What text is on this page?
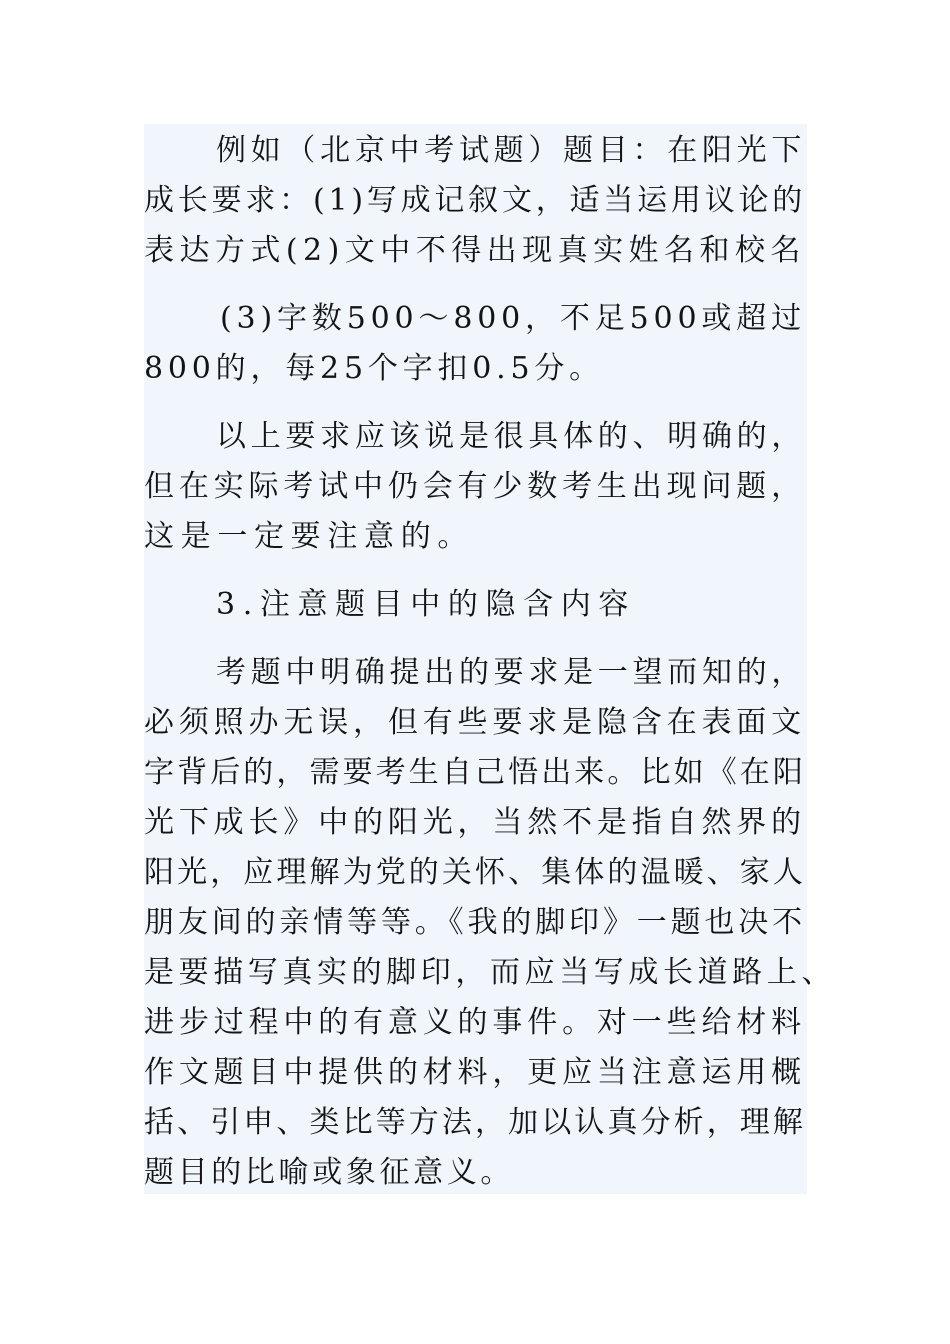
例如（北京中考试题）题目：在阳光下
成长要求：(1)写成记叙文，适当运用议论的
表达方式(2)文中不得出现真实姓名和校名
(3)字数500～800，不足500或超过
800的，每25个字扣0.5分。
以上要求应该说是很具体的、明确的，
但在实际考试中仍会有少数考生出现问题，
这是一定要注意的。
3.注意题目中的隐含内容
考题中明确提出的要求是一望而知的，
必须照办无误，但有些要求是隐含在表面文
字背后的，需要考生自己悟出来。比如《在阳
光下成长》中的阳光，当然不是指自然界的
阳光，应理解为党的关怀、集体的温暖、家人
朋友间的亲情等等。《我的脚印》一题也决不
是要描写真实的脚印，而应当写成长道路上、
进步过程中的有意义的事件。对一些给材料
作文题目中提供的材料，更应当注意运用概
括、引申、类比等方法，加以认真分析，理解
题目的比喻或象征意义。
